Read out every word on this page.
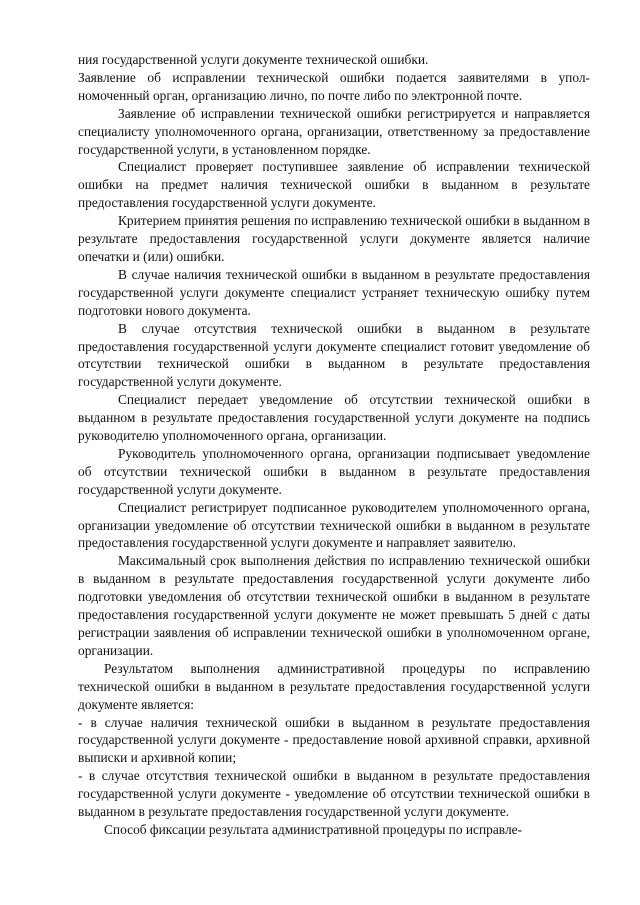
ния государственной услуги документе технической ошибки.

Заявление об исправлении технической ошибки подается заявителями в уполномоченный орган, организацию лично, по почте либо по электронной почте.

Заявление об исправлении технической ошибки регистрируется и направляется специалисту уполномоченного органа, организации, ответственному за предоставление государственной услуги, в установленном порядке.

Специалист проверяет поступившее заявление об исправлении технической ошибки на предмет наличия технической ошибки в выданном в результате предоставления государственной услуги документе.

Критерием принятия решения по исправлению технической ошибки в выданном в результате предоставления государственной услуги документе является наличие опечатки и (или) ошибки.

В случае наличия технической ошибки в выданном в результате предоставления государственной услуги документе специалист устраняет техническую ошибку путем подготовки нового документа.

В случае отсутствия технической ошибки в выданном в результате предоставления государственной услуги документе специалист готовит уведомление об отсутствии технической ошибки в выданном в результате предоставления государственной услуги документе.

Специалист передает уведомление об отсутствии технической ошибки в выданном в результате предоставления государственной услуги документе на подпись руководителю уполномоченного органа, организации.

Руководитель уполномоченного органа, организации подписывает уведомление об отсутствии технической ошибки в выданном в результате предоставления государственной услуги документе.

Специалист регистрирует подписанное руководителем уполномоченного органа, организации уведомление об отсутствии технической ошибки в выданном в результате предоставления государственной услуги документе и направляет заявителю.

Максимальный срок выполнения действия по исправлению технической ошибки в выданном в результате предоставления государственной услуги документе либо подготовки уведомления об отсутствии технической ошибки в выданном в результате предоставления государственной услуги документе не может превышать 5 дней с даты регистрации заявления об исправлении технической ошибки в уполномоченном органе, организации.

Результатом выполнения административной процедуры по исправлению технической ошибки в выданном в результате предоставления государственной услуги документе является:

- в случае наличия технической ошибки в выданном в результате предоставления государственной услуги документе - предоставление новой архивной справки, архивной выписки и архивной копии;

- в случае отсутствия технической ошибки в выданном в результате предоставления государственной услуги документе - уведомление об отсутствии технической ошибки в выданном в результате предоставления государственной услуги документе.

Способ фиксации результата административной процедуры по исправле-
